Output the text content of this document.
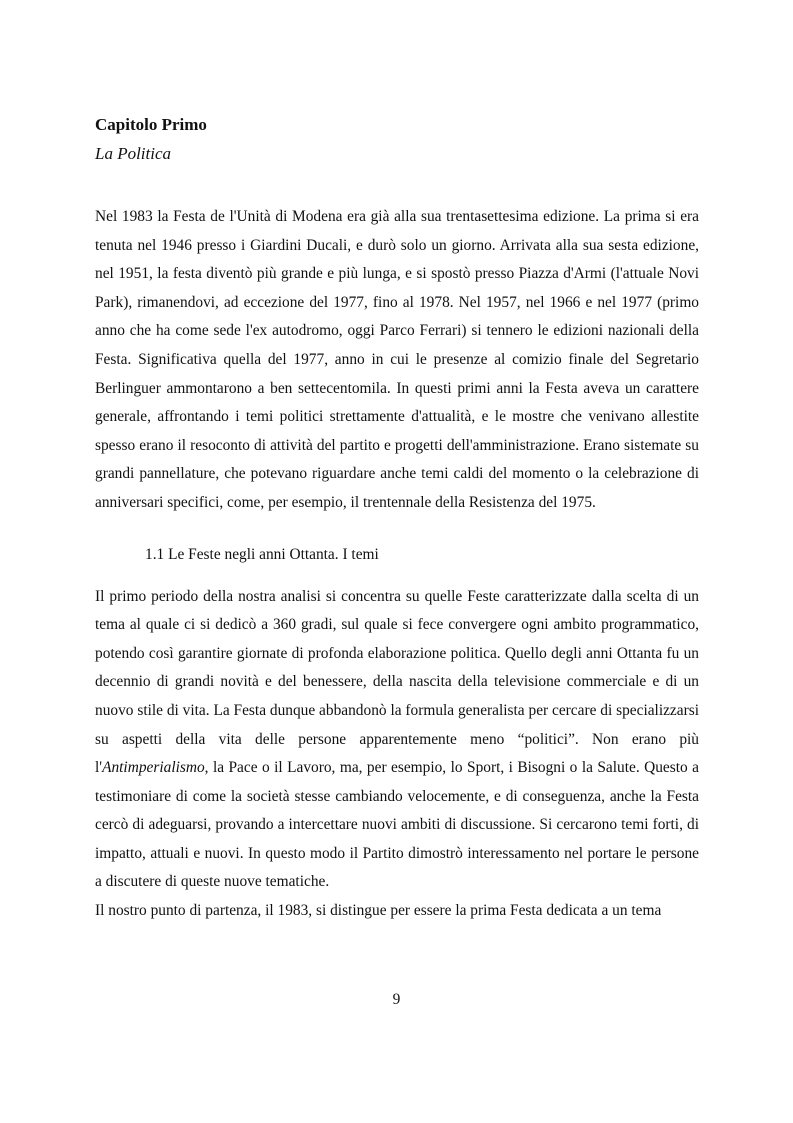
Capitolo Primo
La Politica

Nel 1983 la Festa de l'Unità di Modena era già alla sua trentasettesima edizione. La prima si era tenuta nel 1946 presso i Giardini Ducali, e durò solo un giorno. Arrivata alla sua sesta edizione, nel 1951, la festa diventò più grande e più lunga, e si spostò presso Piazza d'Armi (l'attuale Novi Park), rimanendovi, ad eccezione del 1977, fino al 1978. Nel 1957, nel 1966 e nel 1977 (primo anno che ha come sede l'ex autodromo, oggi Parco Ferrari) si tennero le edizioni nazionali della Festa. Significativa quella del 1977, anno in cui le presenze al comizio finale del Segretario Berlinguer ammontarono a ben settecentomila. In questi primi anni la Festa aveva un carattere generale, affrontando i temi politici strettamente d'attualità, e le mostre che venivano allestite spesso erano il resoconto di attività del partito e progetti dell'amministrazione. Erano sistemate su grandi pannellature, che potevano riguardare anche temi caldi del momento o la celebrazione di anniversari specifici, come, per esempio, il trentennale della Resistenza del 1975.

1.1 Le Feste negli anni Ottanta. I temi

Il primo periodo della nostra analisi si concentra su quelle Feste caratterizzate dalla scelta di un tema al quale ci si dedicò a 360 gradi, sul quale si fece convergere ogni ambito programmatico, potendo così garantire giornate di profonda elaborazione politica. Quello degli anni Ottanta fu un decennio di grandi novità e del benessere, della nascita della televisione commerciale e di un nuovo stile di vita. La Festa dunque abbandonò la formula generalista per cercare di specializzarsi su aspetti della vita delle persone apparentemente meno “politici”. Non erano più l'Antimperialismo, la Pace o il Lavoro, ma, per esempio, lo Sport, i Bisogni o la Salute. Questo a testimoniare di come la società stesse cambiando velocemente, e di conseguenza, anche la Festa cercò di adeguarsi, provando a intercettare nuovi ambiti di discussione. Si cercarono temi forti, di impatto, attuali e nuovi. In questo modo il Partito dimostrò interessamento nel portare le persone a discutere di queste nuove tematiche.

Il nostro punto di partenza, il 1983, si distingue per essere la prima Festa dedicata a un tema

9
